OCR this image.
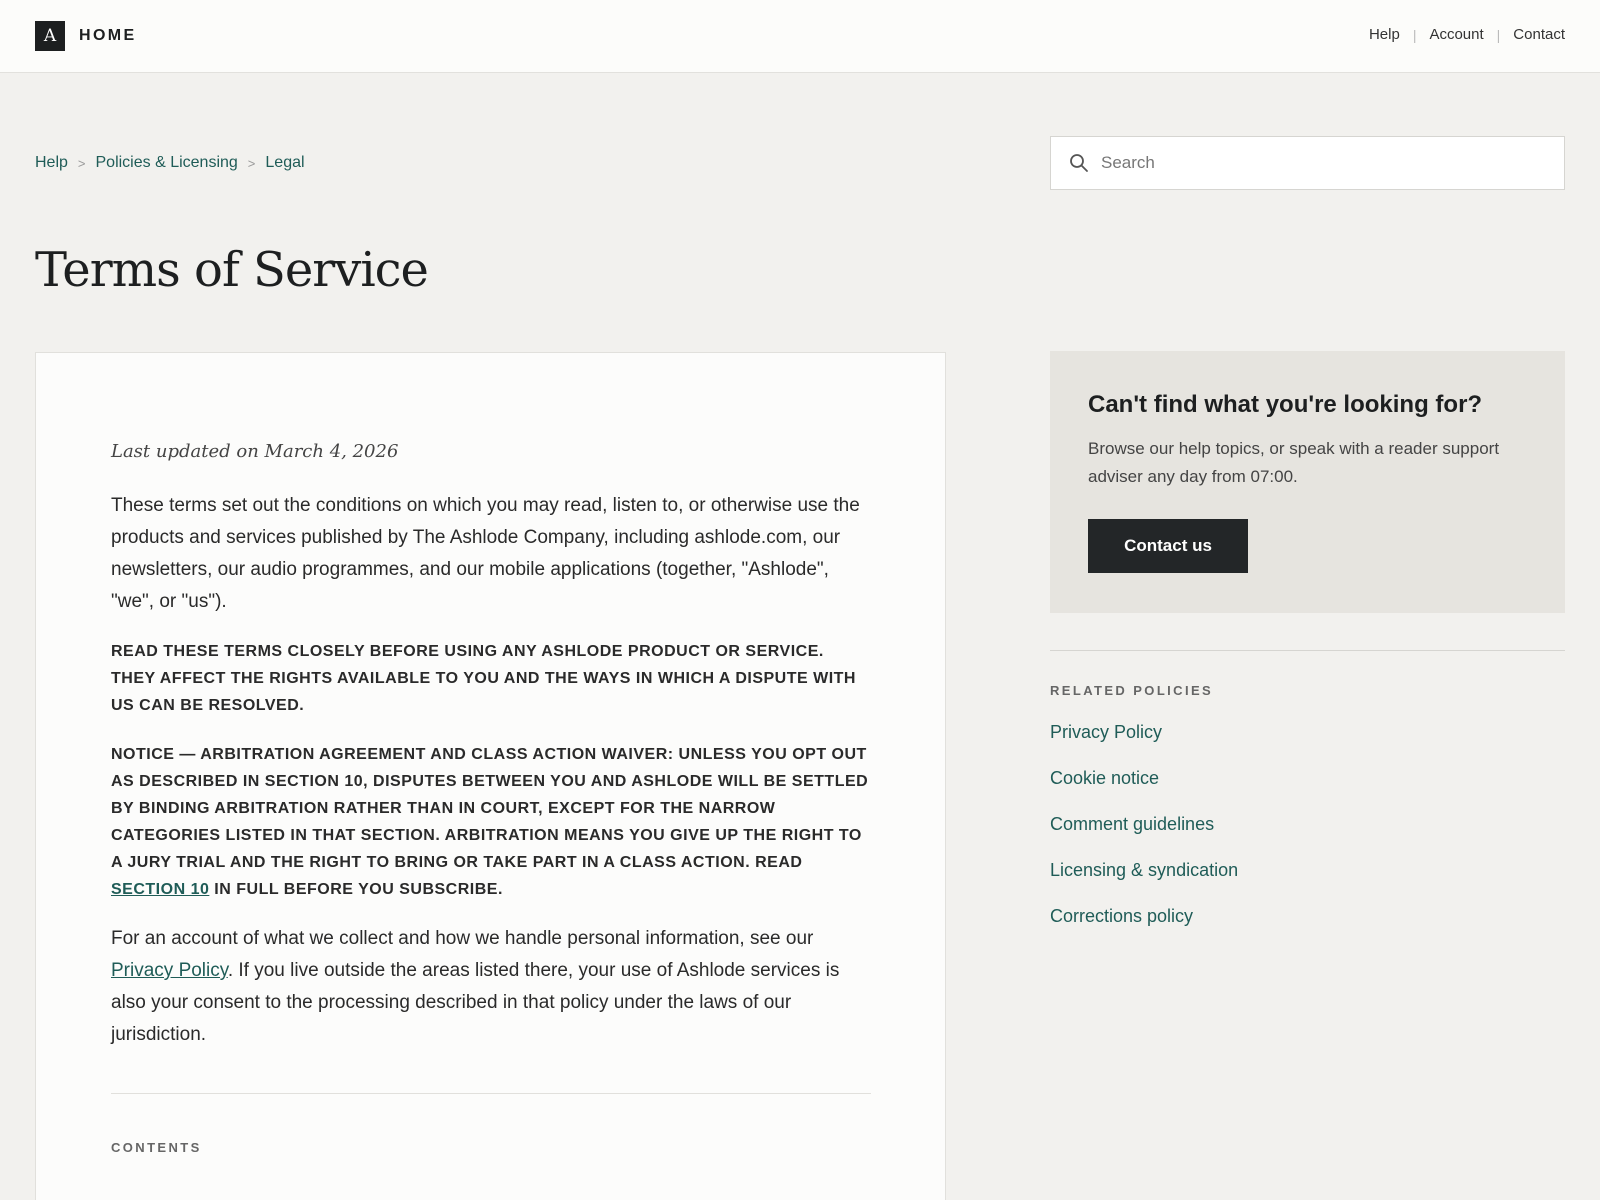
A	HOME	Help | Account | Contact
Help > Policies & Licensing > Legal
Search
Terms of Service

Last updated on March 4, 2026

These terms set out the conditions on which you may read, listen to, or otherwise use the products and services published by The Ashlode Company, including ashlode.com, our newsletters, our audio programmes, and our mobile applications (together, "Ashlode", "we", or "us").

READ THESE TERMS CLOSELY BEFORE USING ANY ASHLODE PRODUCT OR SERVICE. THEY AFFECT THE RIGHTS AVAILABLE TO YOU AND THE WAYS IN WHICH A DISPUTE WITH US CAN BE RESOLVED.

NOTICE — ARBITRATION AGREEMENT AND CLASS ACTION WAIVER: UNLESS YOU OPT OUT AS DESCRIBED IN SECTION 10, DISPUTES BETWEEN YOU AND ASHLODE WILL BE SETTLED BY BINDING ARBITRATION RATHER THAN IN COURT, EXCEPT FOR THE NARROW CATEGORIES LISTED IN THAT SECTION. ARBITRATION MEANS YOU GIVE UP THE RIGHT TO A JURY TRIAL AND THE RIGHT TO BRING OR TAKE PART IN A CLASS ACTION. READ SECTION 10 IN FULL BEFORE YOU SUBSCRIBE.

For an account of what we collect and how we handle personal information, see our Privacy Policy. If you live outside the areas listed there, your use of Ashlode services is also your consent to the processing described in that policy under the laws of our jurisdiction.

CONTENTS

Can't find what you're looking for?

Browse our help topics, or speak with a reader support adviser any day from 07:00.

Contact us

RELATED POLICIES

Privacy Policy
Cookie notice
Comment guidelines
Licensing & syndication
Corrections policy
